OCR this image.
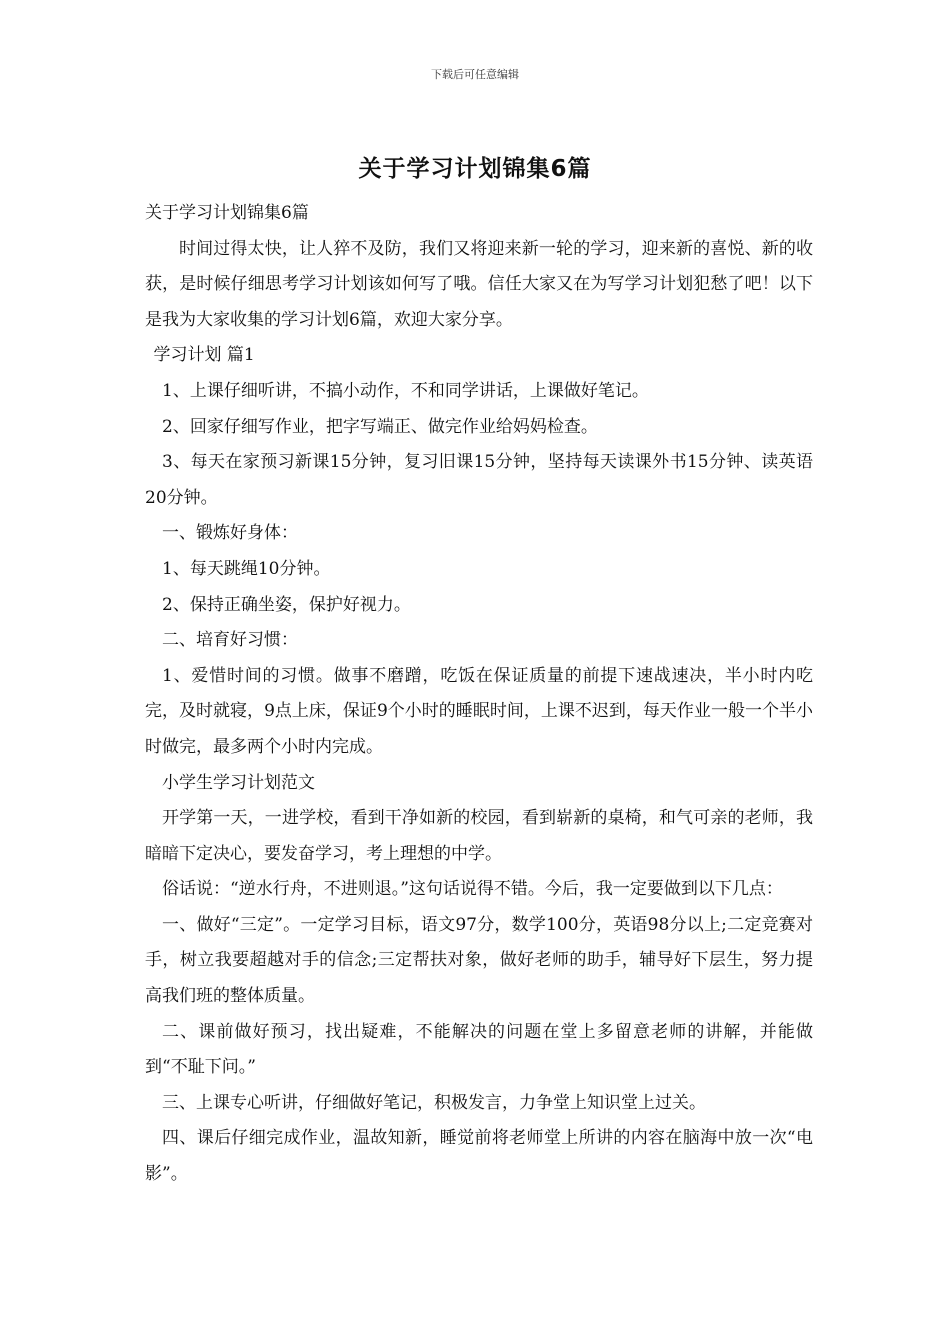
下载后可任意编辑
关于学习计划锦集6篇

关于学习计划锦集6篇

时间过得太快，让人猝不及防，我们又将迎来新一轮的学习，迎来新的喜悦、新的收获，是时候仔细思考学习计划该如何写了哦。信任大家又在为写学习计划犯愁了吧！以下是我为大家收集的学习计划6篇，欢迎大家分享。

学习计划 篇1

1、上课仔细听讲，不搞小动作，不和同学讲话，上课做好笔记。

2、回家仔细写作业，把字写端正、做完作业给妈妈检查。

3、每天在家预习新课15分钟，复习旧课15分钟，坚持每天读课外书15分钟、读英语20分钟。

一、锻炼好身体：

1、每天跳绳10分钟。

2、保持正确坐姿，保护好视力。

二、培育好习惯：

1、爱惜时间的习惯。做事不磨蹭，吃饭在保证质量的前提下速战速决，半小时内吃完，及时就寝，9点上床，保证9个小时的睡眠时间，上课不迟到，每天作业一般一个半小时做完，最多两个小时内完成。

小学生学习计划范文

开学第一天，一进学校，看到干净如新的校园，看到崭新的桌椅，和气可亲的老师，我暗暗下定决心，要发奋学习，考上理想的中学。

俗话说：“逆水行舟，不进则退。”这句话说得不错。今后，我一定要做到以下几点：

一、做好“三定”。一定学习目标，语文97分，数学100分，英语98分以上;二定竞赛对手，树立我要超越对手的信念;三定帮扶对象，做好老师的助手，辅导好下层生，努力提高我们班的整体质量。

二、课前做好预习，找出疑难，不能解决的问题在堂上多留意老师的讲解，并能做到“不耻下问。”

三、上课专心听讲，仔细做好笔记，积极发言，力争堂上知识堂上过关。

四、课后仔细完成作业，温故知新，睡觉前将老师堂上所讲的内容在脑海中放一次“电影”。
